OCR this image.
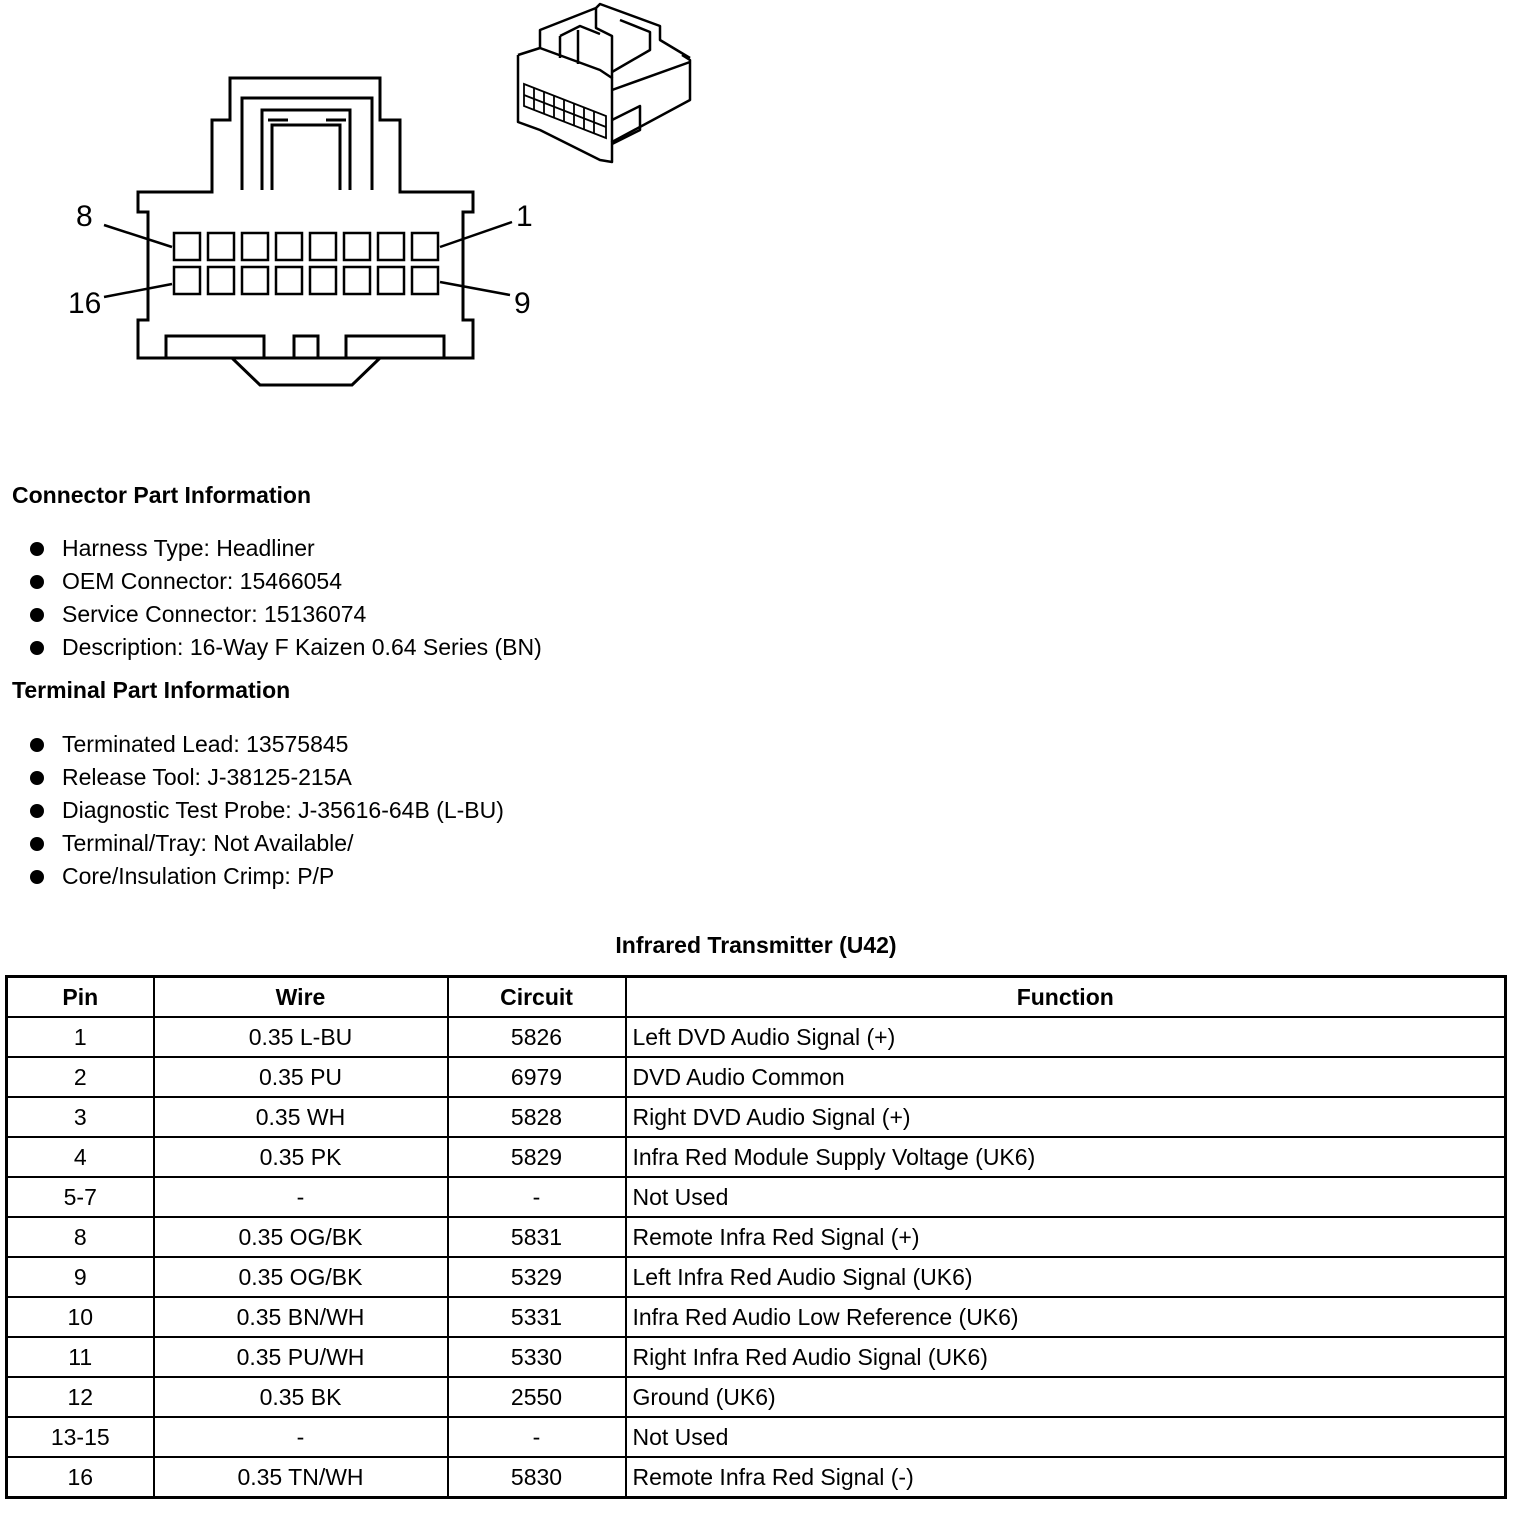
8	1
16	9
Connector Part Information
Harness Type: Headliner
OEM Connector: 15466054
Service Connector: 15136074
Description: 16-Way F Kaizen 0.64 Series (BN)
Terminal Part Information
Terminated Lead: 13575845
Release Tool: J-38125-215A
Diagnostic Test Probe: J-35616-64B (L-BU)
Terminal/Tray: Not Available/
Core/Insulation Crimp: P/P
Infrared Transmitter (U42)
Pin	Wire	Circuit	Function
1	0.35 L-BU	5826	Left DVD Audio Signal (+)
2	0.35 PU	6979	DVD Audio Common
3	0.35 WH	5828	Right DVD Audio Signal (+)
4	0.35 PK	5829	Infra Red Module Supply Voltage (UK6)
5-7	-	-	Not Used
8	0.35 OG/BK	5831	Remote Infra Red Signal (+)
9	0.35 OG/BK	5329	Left Infra Red Audio Signal (UK6)
10	0.35 BN/WH	5331	Infra Red Audio Low Reference (UK6)
11	0.35 PU/WH	5330	Right Infra Red Audio Signal (UK6)
12	0.35 BK	2550	Ground (UK6)
13-15	-	-	Not Used
16	0.35 TN/WH	5830	Remote Infra Red Signal (-)
